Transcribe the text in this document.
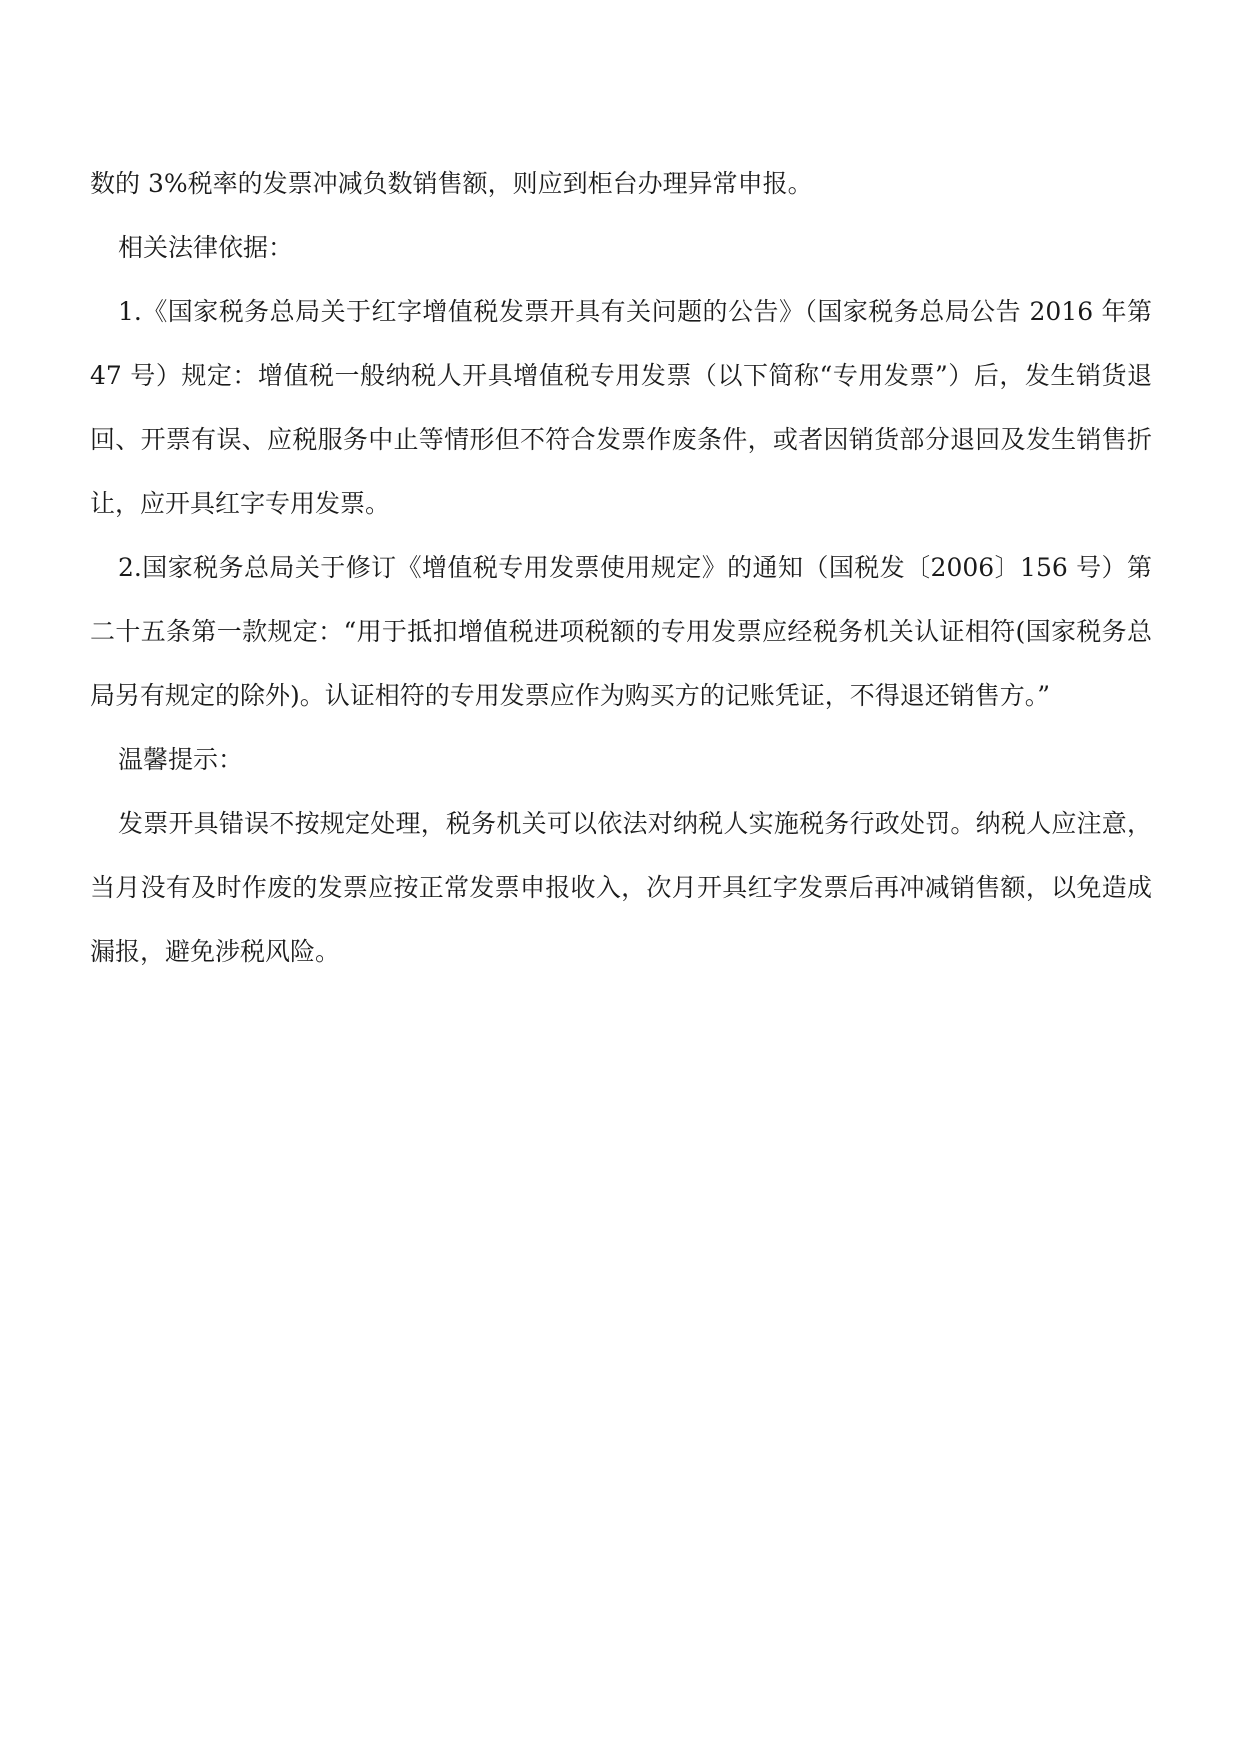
数的 3%税率的发票冲减负数销售额，则应到柜台办理异常申报。

相关法律依据：

1.《国家税务总局关于红字增值税发票开具有关问题的公告》（国家税务总局公告 2016 年第 47 号）规定：增值税一般纳税人开具增值税专用发票（以下简称“专用发票”）后，发生销货退回、开票有误、应税服务中止等情形但不符合发票作废条件，或者因销货部分退回及发生销售折让，应开具红字专用发票。

2.国家税务总局关于修订《增值税专用发票使用规定》的通知（国税发〔2006〕156 号）第二十五条第一款规定：“用于抵扣增值税进项税额的专用发票应经税务机关认证相符(国家税务总局另有规定的除外)。认证相符的专用发票应作为购买方的记账凭证，不得退还销售方。”

温馨提示：

发票开具错误不按规定处理，税务机关可以依法对纳税人实施税务行政处罚。纳税人应注意，当月没有及时作废的发票应按正常发票申报收入，次月开具红字发票后再冲减销售额，以免造成漏报，避免涉税风险。
